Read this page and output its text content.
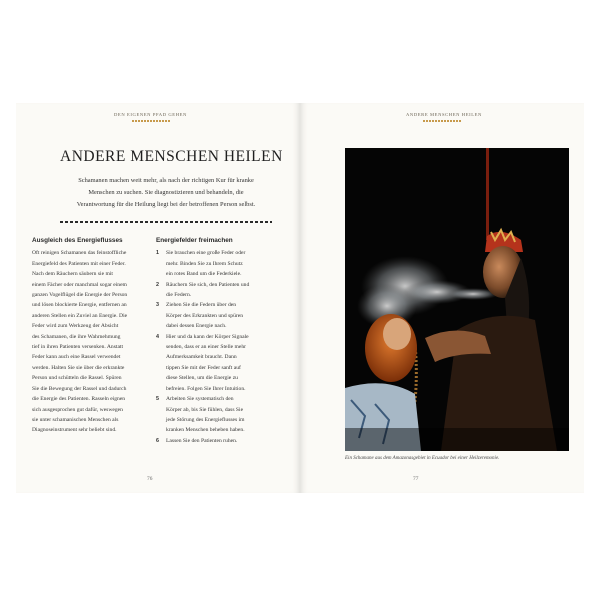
DEN EIGENEN PFAD GEHEN
ANDERE MENSCHEN HEILEN
Schamanen machen weit mehr, als nach der richtigen Kur für kranke
Menschen zu suchen. Sie diagnostizieren und behandeln, die
Verantwortung für die Heilung liegt bei der betroffenen Person selbst.
Ausgleich des Energieflusses
Oft reinigen Schamanen das feinstoffliche
Energiefeld des Patienten mit einer Feder.
Nach dem Räuchern säubern sie mit
einem Fächer oder manchmal sogar einem
ganzen Vogelflügel die Energie der Person
und lösen blockierte Energie, entfernen an
anderen Stellen ein Zuviel an Energie. Die
Feder wird zum Werkzeug der Absicht
des Schamanen, die ihre Wahrnehmung
tief in ihren Patienten versenken. Anstatt
Feder kann auch eine Rassel verwendet
werden. Halten Sie sie über die erkrankte
Person und schütteln die Rassel. Spüren
Sie die Bewegung der Rassel und dadurch
die Energie des Patienten. Rasseln eignen
sich ausgesprochen gut dafür, weswegen
sie unter schamanischen Menschen als
Diagnoseinstrument sehr beliebt sind.
Energiefelder freimachen
1	Sie brauchen eine große Feder oder
mehr. Binden Sie zu Ihrem Schutz
ein rotes Band um die Federkiele.
2	Räuchern Sie sich, den Patienten und
die Federn.
3	Ziehen Sie die Federn über den
Körper des Erkrankten und spüren
dabei dessen Energie nach.
4	Hier und da kann der Körper Signale
senden, dass er an einer Stelle mehr
Aufmerksamkeit braucht. Dann
tippen Sie mit der Feder sanft auf
diese Stellen, um die Energie zu
befreien. Folgen Sie Ihrer Intuition.
5	Arbeiten Sie systematisch den
Körper ab, bis Sie fühlen, dass Sie
jede Störung des Energieflusses im
kranken Menschen beheben haben.
6	Lassen Sie den Patienten ruhen.
76
ANDERE MENSCHEN HEILEN
Ein Schamane aus dem Amazonasgebiet in Ecuador bei einer Heilzeremonie.
77
